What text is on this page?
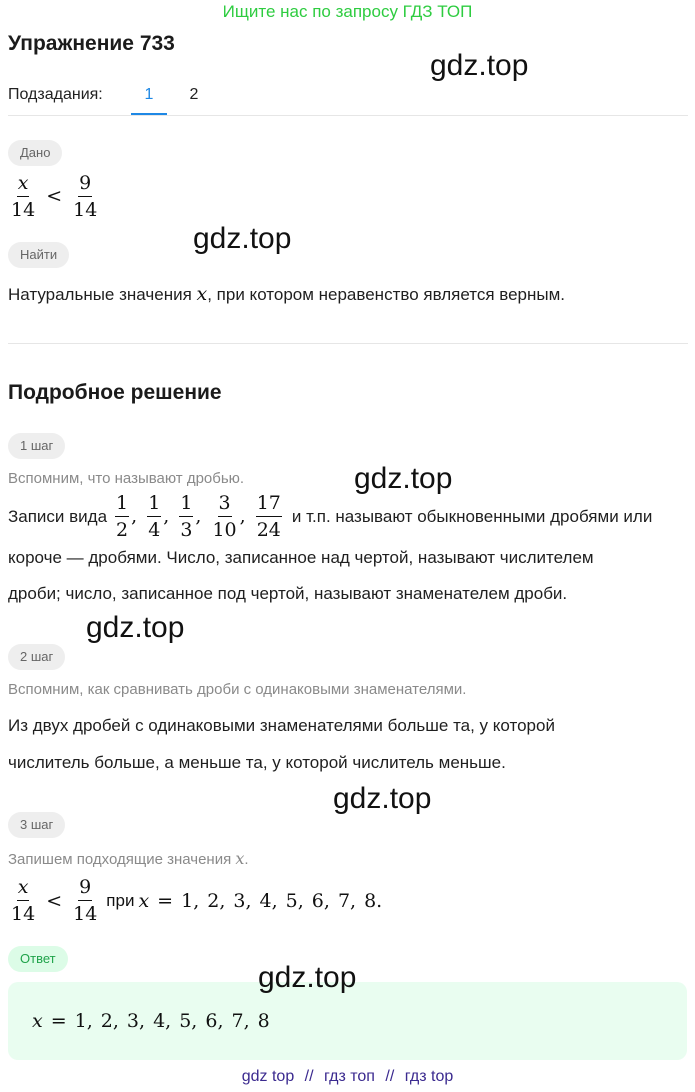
Ищите нас по запросу ГДЗ ТОП
Упражнение 733
gdz.top
Подзадания:	1	2
Дано
$\frac{x}{14} < \frac{9}{14}$
gdz.top
Найти
Натуральные значения x, при котором неравенство является верным.
Подробное решение
1 шаг
Вспомним, что называют дробью.	gdz.top
Записи вида $\frac{1}{2}$ , $\frac{1}{4}$ , $\frac{1}{3}$ , $\frac{3}{10}$ , $\frac{17}{24}$ и т.п. называют обыкновенными дробями или
короче — дробями. Число, записанное над чертой, называют числителем
дроби; число, записанное под чертой, называют знаменателем дроби.
gdz.top
2 шаг
Вспомним, как сравнивать дроби с одинаковыми знаменателями.
Из двух дробей с одинаковыми знаменателями больше та, у которой
числитель больше, а меньше та, у которой числитель меньше.
gdz.top
3 шаг
Запишем подходящие значения x.
$\frac{x}{14} < \frac{9}{14}$ при x = 1, 2, 3, 4, 5, 6, 7, 8 .
Ответ
gdz.top
x = 1, 2, 3, 4, 5, 6, 7, 8
gdz top // гдз топ // гдз top
